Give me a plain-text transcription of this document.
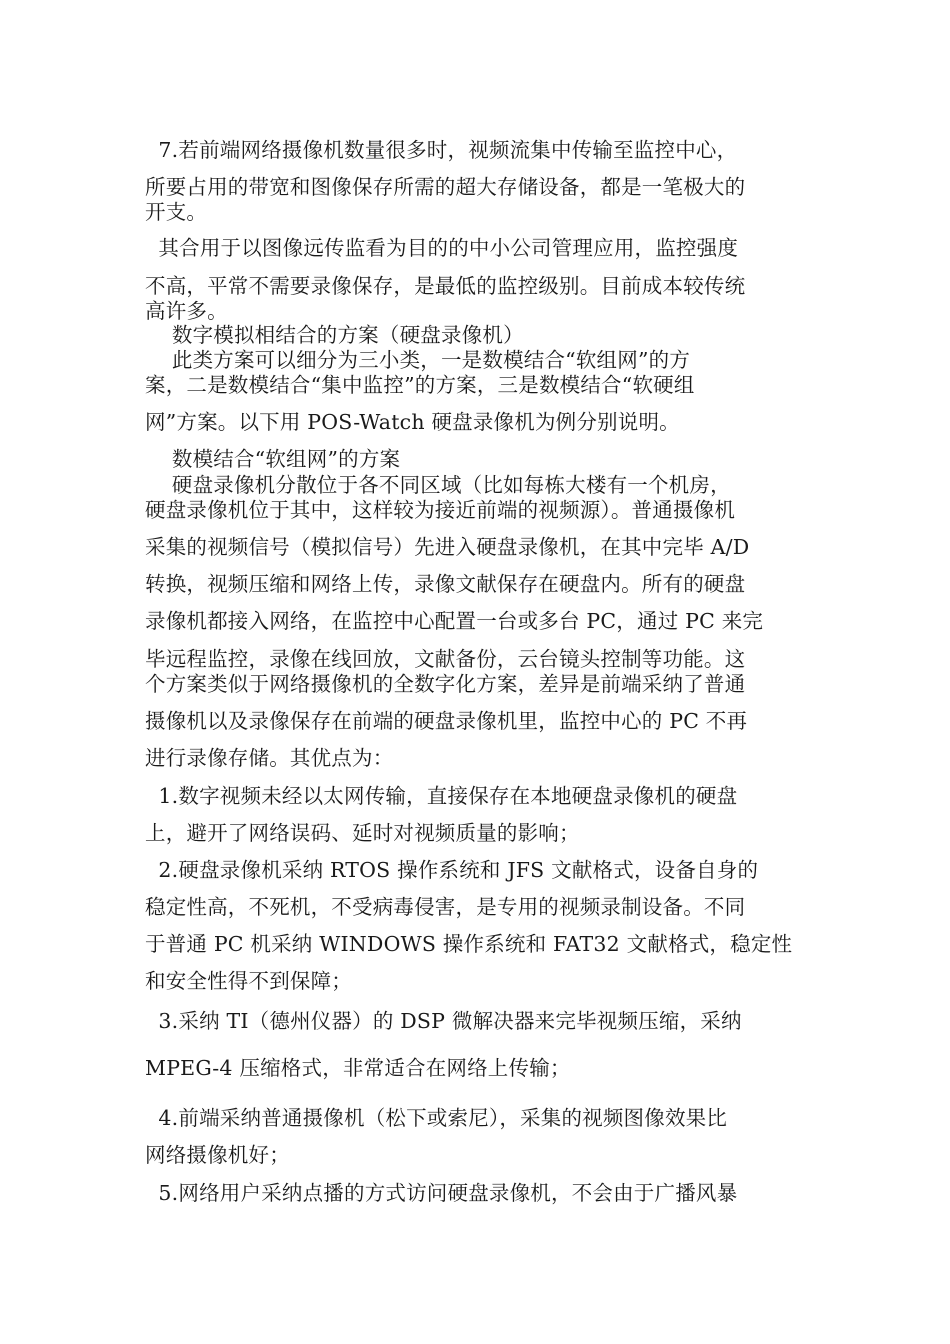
7.若前端网络摄像机数量很多时，视频流集中传输至监控中心，
所要占用的带宽和图像保存所需的超大存储设备，都是一笔极大的
开支。
其合用于以图像远传监看为目的的中小公司管理应用，监控强度
不高，平常不需要录像保存，是最低的监控级别。目前成本较传统
高许多。
数字模拟相结合的方案（硬盘录像机）
此类方案可以细分为三小类，一是数模结合“软组网”的方
案，二是数模结合“集中监控”的方案，三是数模结合“软硬组
网”方案。以下用 POS-Watch 硬盘录像机为例分别说明。
数模结合“软组网”的方案
硬盘录像机分散位于各不同区域（比如每栋大楼有一个机房，
硬盘录像机位于其中，这样较为接近前端的视频源）。普通摄像机
采集的视频信号（模拟信号）先进入硬盘录像机，在其中完毕 A/D
转换，视频压缩和网络上传，录像文献保存在硬盘内。所有的硬盘
录像机都接入网络，在监控中心配置一台或多台 PC，通过 PC 来完
毕远程监控，录像在线回放，文献备份，云台镜头控制等功能。这
个方案类似于网络摄像机的全数字化方案，差异是前端采纳了普通
摄像机以及录像保存在前端的硬盘录像机里，监控中心的 PC 不再
进行录像存储。其优点为：
1.数字视频未经以太网传输，直接保存在本地硬盘录像机的硬盘
上，避开了网络误码、延时对视频质量的影响；
2.硬盘录像机采纳 RTOS 操作系统和 JFS 文献格式，设备自身的
稳定性高，不死机，不受病毒侵害，是专用的视频录制设备。不同
于普通 PC 机采纳 WINDOWS 操作系统和 FAT32 文献格式，稳定性
和安全性得不到保障；
3.采纳 TI（德州仪器）的 DSP 微解决器来完毕视频压缩，采纳
MPEG-4 压缩格式，非常适合在网络上传输；
4.前端采纳普通摄像机（松下或索尼），采集的视频图像效果比
网络摄像机好；
5.网络用户采纳点播的方式访问硬盘录像机，不会由于广播风暴
